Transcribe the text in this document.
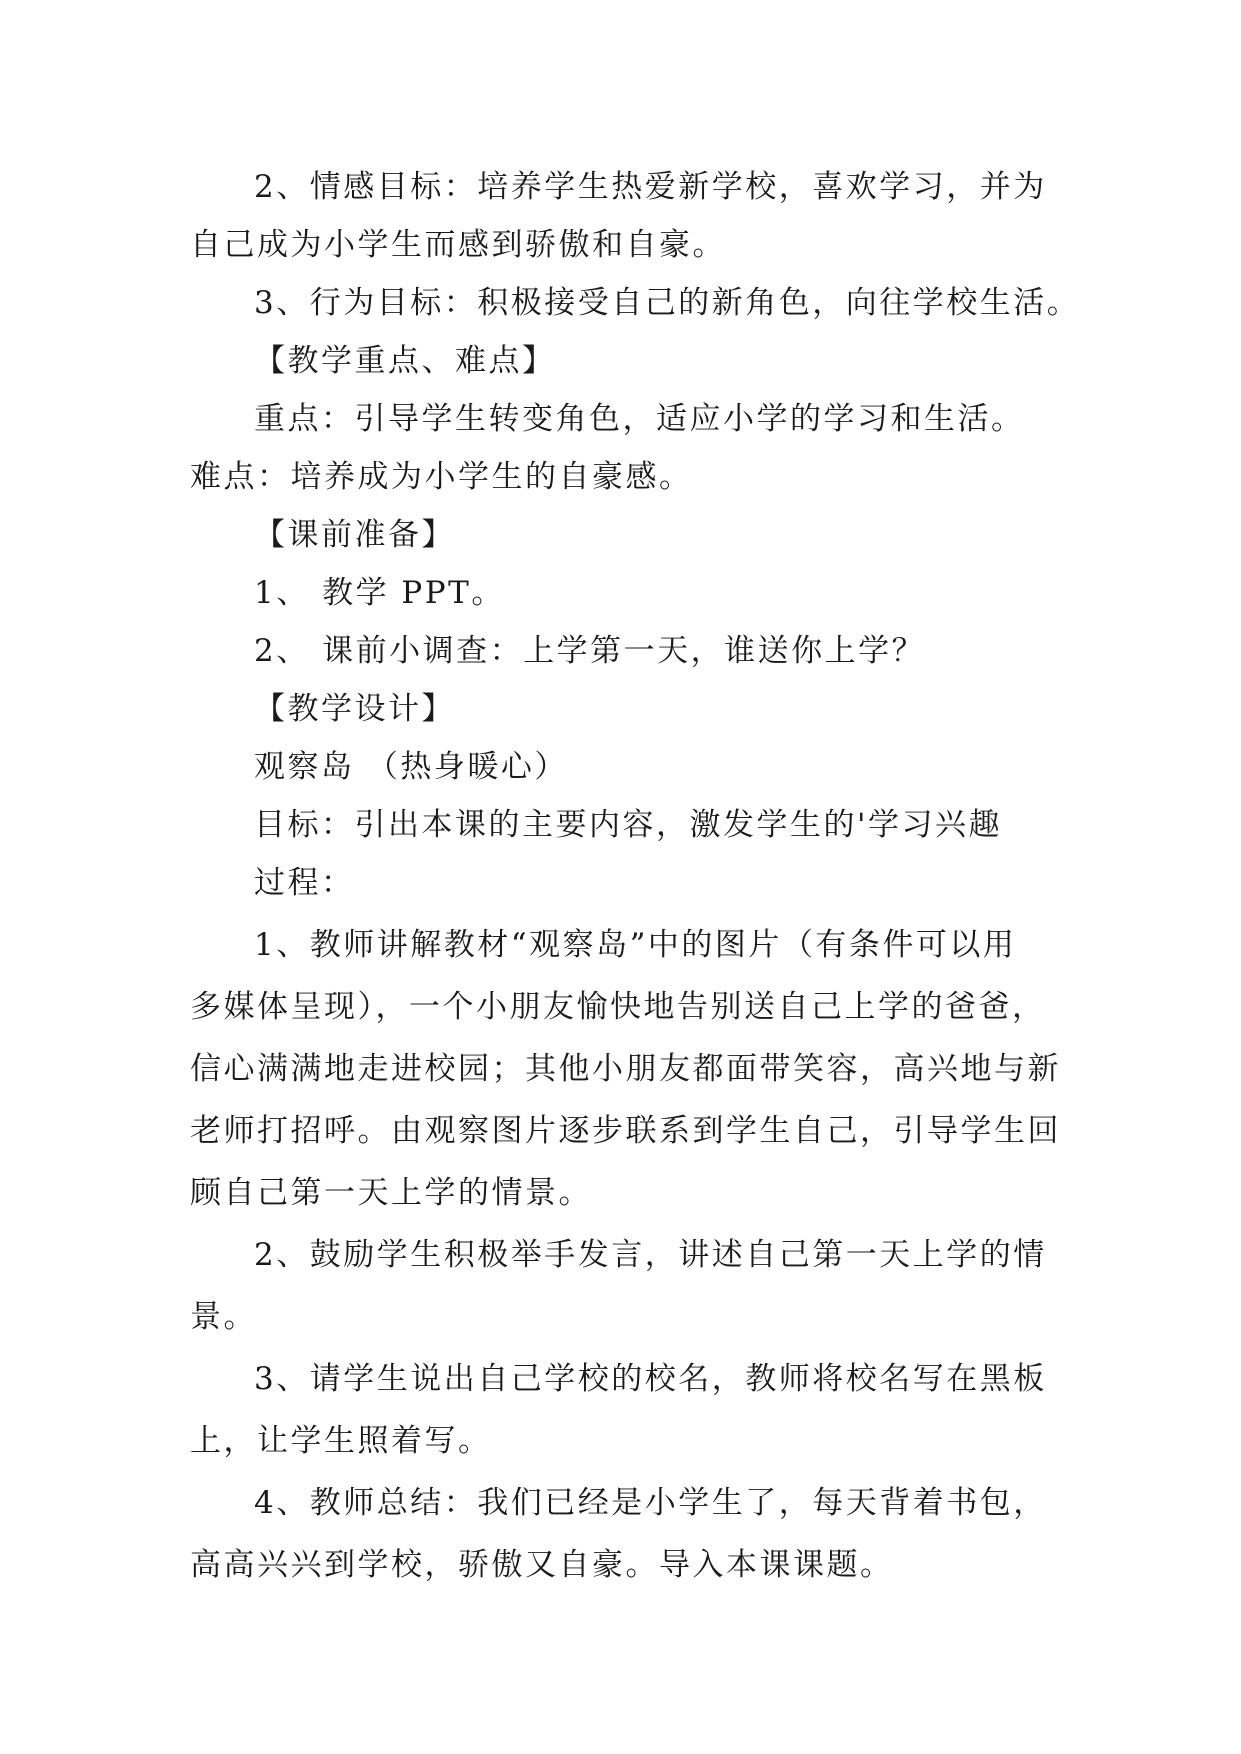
2、情感目标：培养学生热爱新学校，喜欢学习，并为

自己成为小学生而感到骄傲和自豪。

3、行为目标：积极接受自己的新角色，向往学校生活。

【教学重点、难点】

重点：引导学生转变角色，适应小学的学习和生活。

难点：培养成为小学生的自豪感。

【课前准备】

1、 教学 PPT。

2、 课前小调查：上学第一天，谁送你上学？

【教学设计】

观察岛 （热身暖心）

目标：引出本课的主要内容，激发学生的'学习兴趣

过程：

1、教师讲解教材“观察岛”中的图片（有条件可以用

多媒体呈现），一个小朋友愉快地告别送自己上学的爸爸，

信心满满地走进校园；其他小朋友都面带笑容，高兴地与新

老师打招呼。由观察图片逐步联系到学生自己，引导学生回

顾自己第一天上学的情景。

2、鼓励学生积极举手发言，讲述自己第一天上学的情

景。

3、请学生说出自己学校的校名，教师将校名写在黑板

上，让学生照着写。

4、教师总结：我们已经是小学生了，每天背着书包，

高高兴兴到学校，骄傲又自豪。导入本课课题。
